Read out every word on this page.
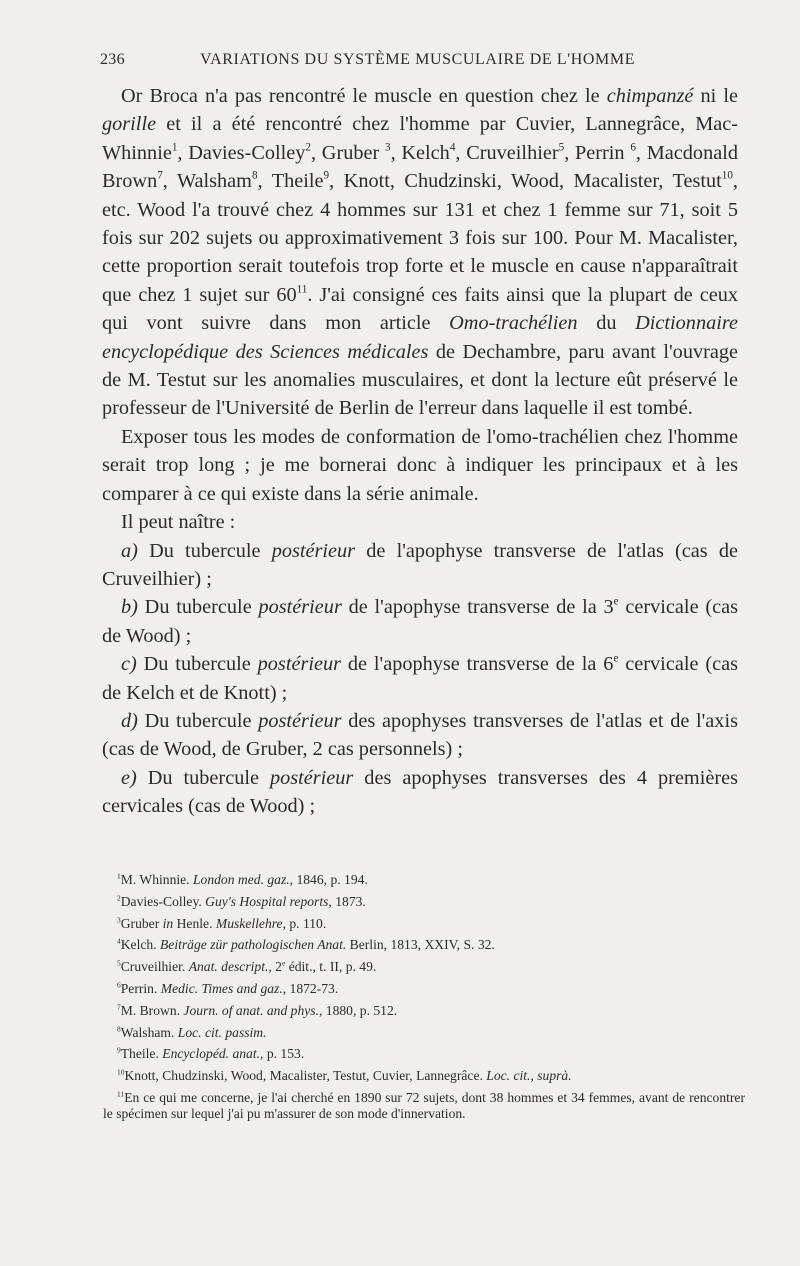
236	VARIATIONS DU SYSTÈME MUSCULAIRE DE L'HOMME

Or Broca n'a pas rencontré le muscle en question chez le chimpanzé ni le gorille et il a été rencontré chez l'homme par Cuvier, Lannegrâce, Mac-Whinnie$^1$, Davies-Colley$^2$, Gruber $^3$, Kelch$^4$, Cruveilhier$^5$, Perrin $^6$, Macdonald Brown$^7$, Walsham$^8$, Theile$^9$, Knott, Chudzinski, Wood, Macalister, Testut$^{10}$, etc. Wood l'a trouvé chez 4 hommes sur 131 et chez 1 femme sur 71, soit 5 fois sur 202 sujets ou approximativement 3 fois sur 100. Pour M. Macalister, cette proportion serait toutefois trop forte et le muscle en cause n'apparaîtrait que chez 1 sujet sur $60^{11}$. J'ai consigné ces faits ainsi que la plupart de ceux qui vont suivre dans mon article Omo-trachélien du Dictionnaire encyclopédique des Sciences médicales de Dechambre, paru avant l'ouvrage de M. Testut sur les anomalies musculaires, et dont la lecture eût préservé le professeur de l'Université de Berlin de l'erreur dans laquelle il est tombé.

Exposer tous les modes de conformation de l'omo-trachélien chez l'homme serait trop long ; je me bornerai donc à indiquer les principaux et à les comparer à ce qui existe dans la série animale.

Il peut naître :

a) Du tubercule postérieur de l'apophyse transverse de l'atlas (cas de Cruveilhier) ;

b) Du tubercule postérieur de l'apophyse transverse de la 3e cervicale (cas de Wood) ;

c) Du tubercule postérieur de l'apophyse transverse de la 6e cervicale (cas de Kelch et de Knott) ;

d) Du tubercule postérieur des apophyses transverses de l'atlas et de l'axis (cas de Wood, de Gruber, 2 cas personnels) ;

e) Du tubercule postérieur des apophyses transverses des 4 premières cervicales (cas de Wood) ;

$^1$M. Whinnie. London med. gaz., 1846, p. 194.
$^2$Davies-Colley. Guy's Hospital reports, 1873.
$^3$Gruber in Henle. Muskellehre, p. 110.
$^4$Kelch. Beiträge zür pathologischen Anat. Berlin, 1813, XXIV, S. 32.
$^5$Cruveilhier. Anat. descript., 2e édit., t. II, p. 49.
$^6$Perrin. Medic. Times and gaz., 1872-73.
$^7$M. Brown. Journ. of anat. and phys., 1880, p. 512.
$^8$Walsham. Loc. cit. passim.
$^9$Theile. Encyclopéd. anat., p. 153.
$^{10}$Knott, Chudzinski, Wood, Macalister, Testut, Cuvier, Lannegrâce. Loc. cit., suprà.
$^{11}$En ce qui me concerne, je l'ai cherché en 1890 sur 72 sujets, dont 38 hommes et 34 femmes, avant de rencontrer le spécimen sur lequel j'ai pu m'assurer de son mode d'innervation.
